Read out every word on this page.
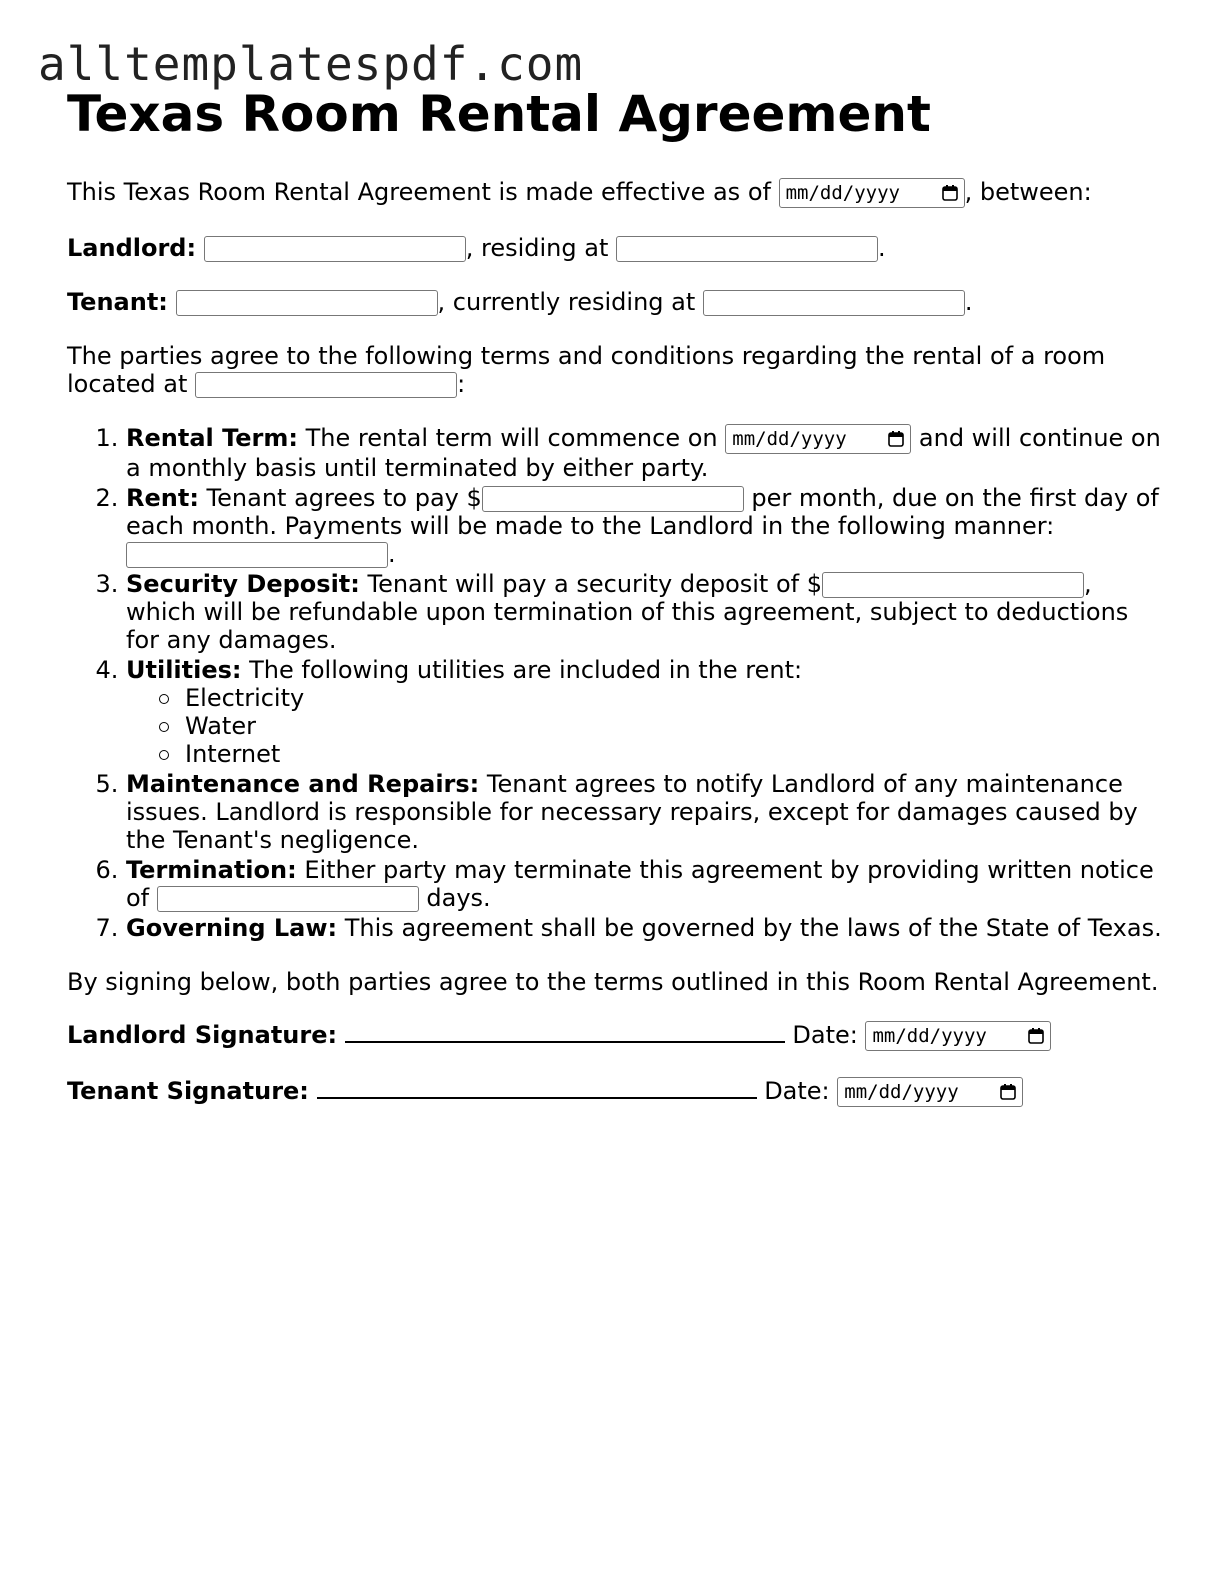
alltemplatespdf.com
Texas Room Rental Agreement

This Texas Room Rental Agreement is made effective as of mm/dd/yyyy	, between:

Landlord:	, residing at	.

Tenant:	, currently residing at	.

The parties agree to the following terms and conditions regarding the rental of a room located at	:

1. Rental Term: The rental term will commence on mm/dd/yyyy	and will continue on a monthly basis until terminated by either party.
2. Rent: Tenant agrees to pay $	per month, due on the first day of each month. Payments will be made to the Landlord in the following manner: .
3. Security Deposit: Tenant will pay a security deposit of $	, which will be refundable upon termination of this agreement, subject to deductions for any damages.
4. Utilities: The following utilities are included in the rent:
Electricity
Water
Internet
5. Maintenance and Repairs: Tenant agrees to notify Landlord of any maintenance issues. Landlord is responsible for necessary repairs, except for damages caused by the Tenant's negligence.
6. Termination: Either party may terminate this agreement by providing written notice of	days.
7. Governing Law: This agreement shall be governed by the laws of the State of Texas.

By signing below, both parties agree to the terms outlined in this Room Rental Agreement.

Landlord Signature:	Date: mm/dd/yyyy

Tenant Signature:	Date: mm/dd/yyyy
